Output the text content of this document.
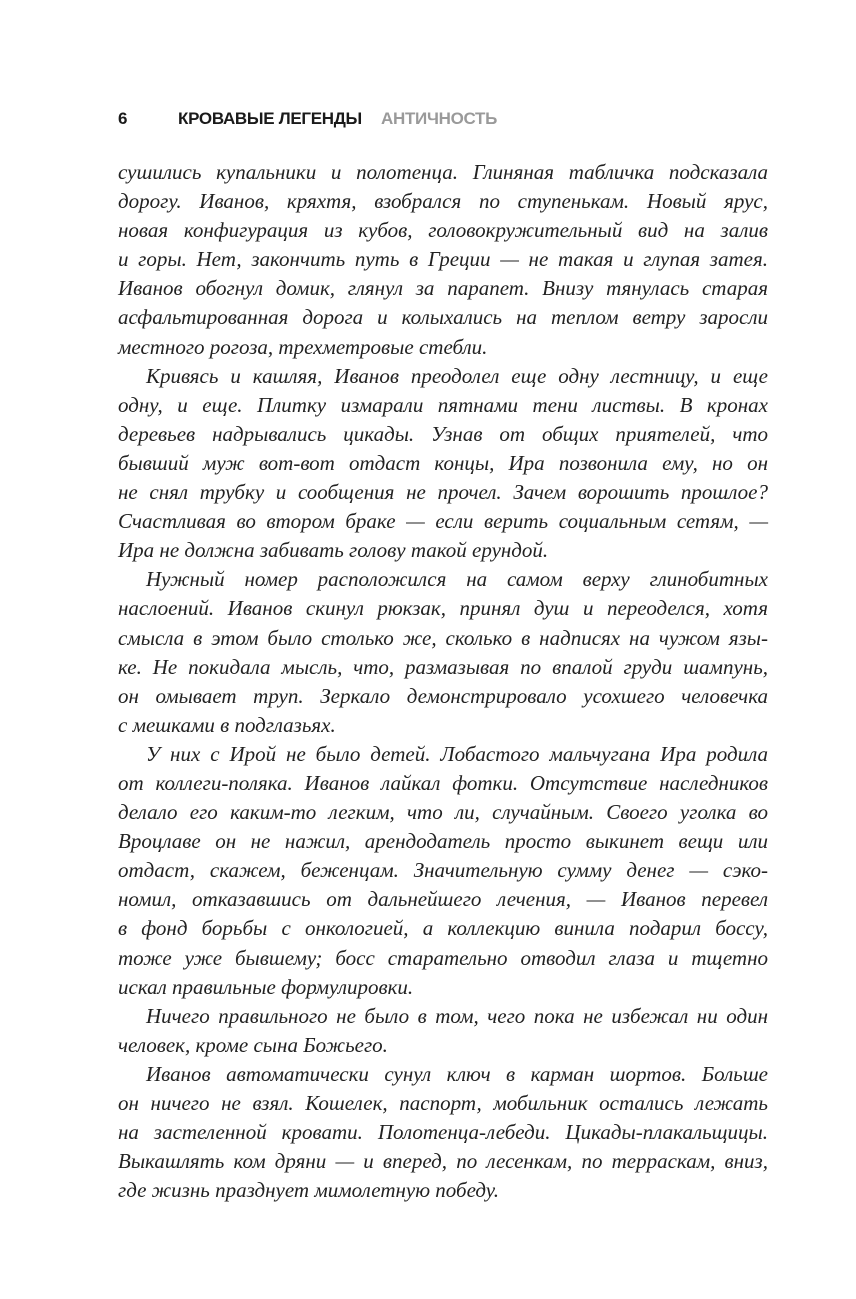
6	КРОВАВЫЕ ЛЕГЕНДЫ АНТИЧНОСТЬ
сушились купальники и полотенца. Глиняная табличка подсказала
дорогу. Иванов, кряхтя, взобрался по ступенькам. Новый ярус,
новая конфигурация из кубов, головокружительный вид на залив
и горы. Нет, закончить путь в Греции — не такая и глупая затея.
Иванов обогнул домик, глянул за парапет. Внизу тянулась старая
асфальтированная дорога и колыхались на теплом ветру заросли
местного рогоза, трехметровые стебли.
Кривясь и кашляя, Иванов преодолел еще одну лестницу, и еще
одну, и еще. Плитку измарали пятнами тени листвы. В кронах
деревьев надрывались цикады. Узнав от общих приятелей, что
бывший муж вот-вот отдаст концы, Ира позвонила ему, но он
не снял трубку и сообщения не прочел. Зачем ворошить прошлое?
Счастливая во втором браке — если верить социальным сетям, —
Ира не должна забивать голову такой ерундой.
Нужный номер расположился на самом верху глинобитных
наслоений. Иванов скинул рюкзак, принял душ и переоделся, хотя
смысла в этом было столько же, сколько в надписях на чужом язы-
ке. Не покидала мысль, что, размазывая по впалой груди шампунь,
он омывает труп. Зеркало демонстрировало усохшего человечка
с мешками в подглазьях.
У них с Ирой не было детей. Лобастого мальчугана Ира родила
от коллеги-поляка. Иванов лайкал фотки. Отсутствие наследников
делало его каким-то легким, что ли, случайным. Своего уголка во
Вроцлаве он не нажил, арендодатель просто выкинет вещи или
отдаст, скажем, беженцам. Значительную сумму денег — сэко-
номил, отказавшись от дальнейшего лечения, — Иванов перевел
в фонд борьбы с онкологией, а коллекцию винила подарил боссу,
тоже уже бывшему; босс старательно отводил глаза и тщетно
искал правильные формулировки.
Ничего правильного не было в том, чего пока не избежал ни один
человек, кроме сына Божьего.
Иванов автоматически сунул ключ в карман шортов. Больше
он ничего не взял. Кошелек, паспорт, мобильник остались лежать
на застеленной кровати. Полотенца-лебеди. Цикады-плакальщицы.
Выкашлять ком дряни — и вперед, по лесенкам, по терраскам, вниз,
где жизнь празднует мимолетную победу.
